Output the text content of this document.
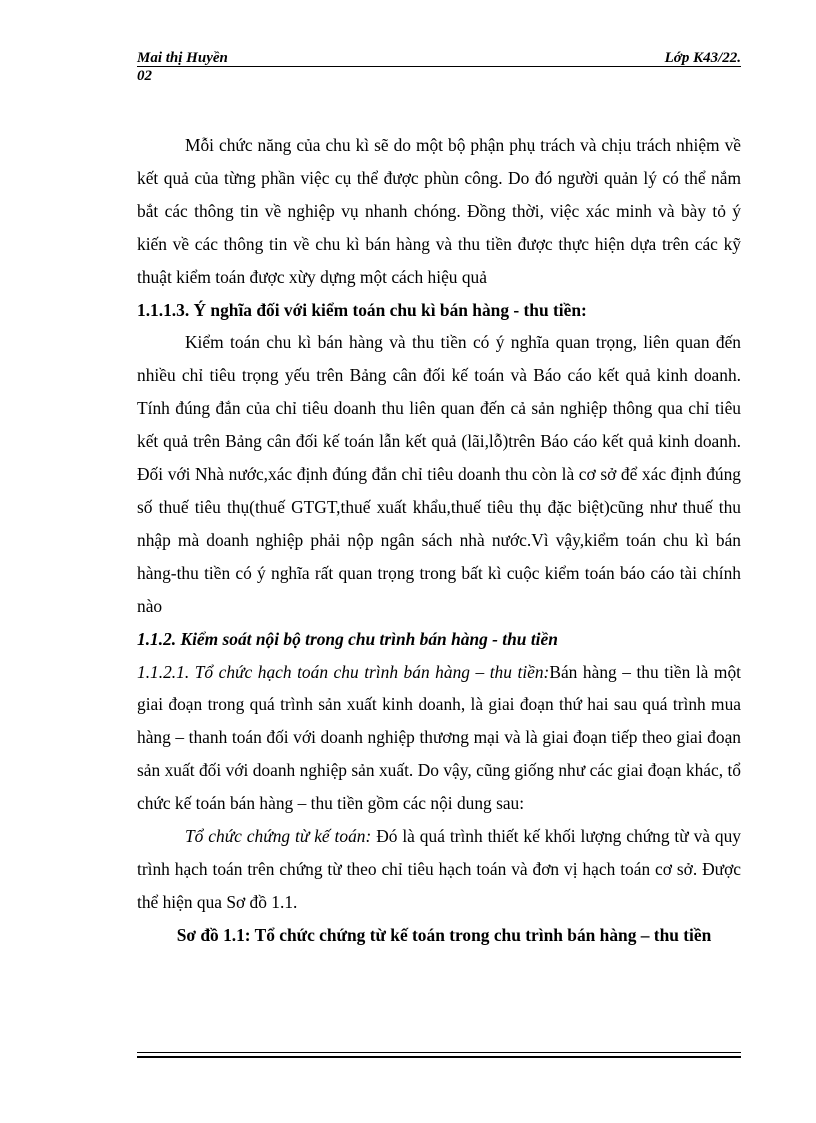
Mai thị Huyền	Lớp K43/22.
02

Mỗi chức năng của chu kì sẽ do một bộ phận phụ trách và chịu trách nhiệm về kết quả của từng phần việc cụ thể được phùn công. Do đó người quản lý có thể nắm bắt các thông tin về nghiệp vụ nhanh chóng. Đồng thời, việc xác minh và bày tỏ ý kiến về các thông tin về chu kì bán hàng và thu tiền được thực hiện dựa trên các kỹ thuật kiểm toán được xừy dựng một cách hiệu quả

1.1.1.3. Ý nghĩa đối với kiểm toán chu kì bán hàng - thu tiền:

Kiểm toán chu kì bán hàng và thu tiền có ý nghĩa quan trọng, liên quan đến nhiều chỉ tiêu trọng yếu trên Bảng cân đối kế toán và Báo cáo kết quả kinh doanh. Tính đúng đắn của chỉ tiêu doanh thu liên quan đến cả sản nghiệp thông qua chỉ tiêu kết quả trên Bảng cân đối kế toán lẫn kết quả (lãi,lỗ)trên Báo cáo kết quả kinh doanh. Đối với Nhà nước,xác định đúng đắn chỉ tiêu doanh thu còn là cơ sở để xác định đúng số thuế tiêu thụ(thuế GTGT,thuế xuất khẩu,thuế tiêu thụ đặc biệt)cũng như thuế thu nhập mà doanh nghiệp phải nộp ngân sách nhà nước.Vì vậy,kiểm toán chu kì bán hàng-thu tiền có ý nghĩa rất quan trọng trong bất kì cuộc kiểm toán báo cáo tài chính nào

1.1.2. Kiểm soát nội bộ trong chu trình bán hàng - thu tiền

1.1.2.1. Tổ chức hạch toán chu trình bán hàng – thu tiền:Bán hàng – thu tiền là một giai đoạn trong quá trình sản xuất kinh doanh, là giai đoạn thứ hai sau quá trình mua hàng – thanh toán đối với doanh nghiệp thương mại và là giai đoạn tiếp theo giai đoạn sản xuất đối với doanh nghiệp sản xuất. Do vậy, cũng giống như các giai đoạn khác, tổ chức kế toán bán hàng – thu tiền gồm các nội dung sau:

Tổ chức chứng từ kế toán: Đó là quá trình thiết kế khối lượng chứng từ và quy trình hạch toán trên chứng từ theo chỉ tiêu hạch toán và đơn vị hạch toán cơ sở. Được thể hiện qua Sơ đồ 1.1.

Sơ đồ 1.1: Tổ chức chứng từ kế toán trong chu trình bán hàng – thu tiền
